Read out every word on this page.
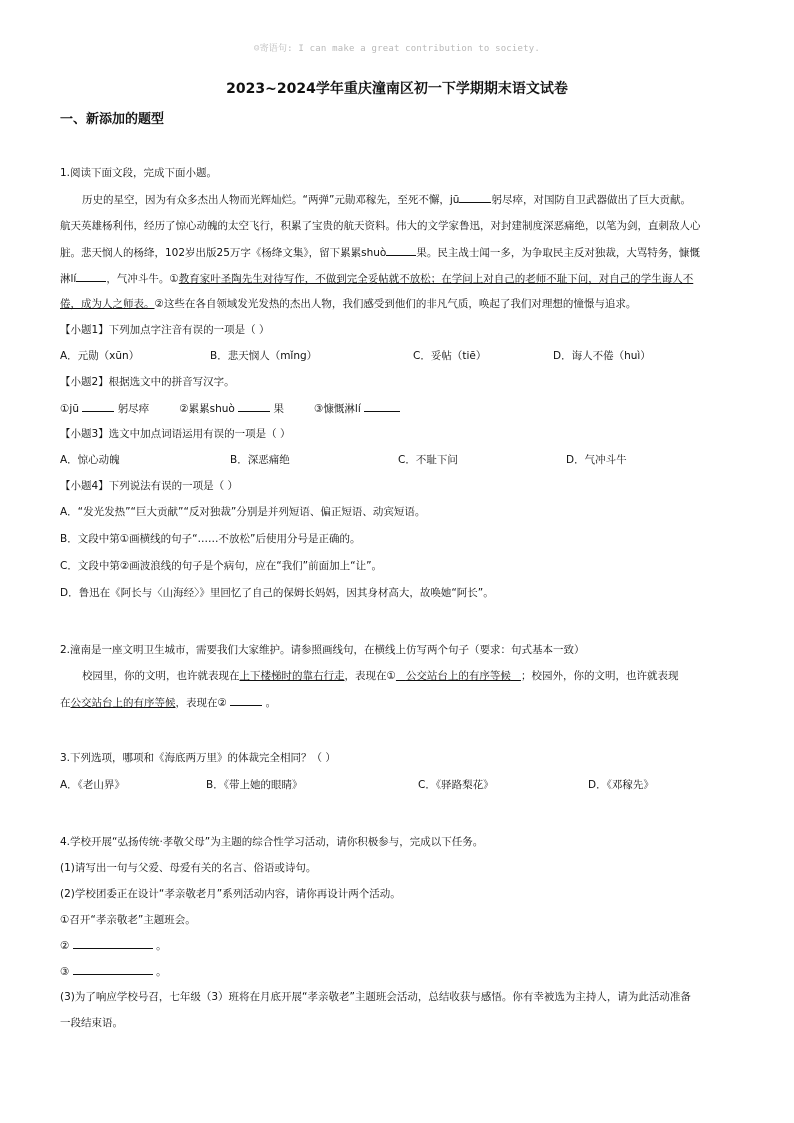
☺寄语句: I can make a great contribution to society.
2023~2024学年重庆潼南区初一下学期期末语文试卷
一、新添加的题型
1.阅读下面文段，完成下面小题。
历史的星空，因为有众多杰出人物而光辉灿烂。“两弹”元勋邓稼先，至死不懈，jū	躬尽瘁，对国防自卫武器做出了巨大贡献。
航天英雄杨利伟，经历了惊心动魄的太空飞行，积累了宝贵的航天资料。伟大的文学家鲁迅，对封建制度深恶痛绝，以笔为剑，直刺敌人心
脏。悲天悯人的杨绛，102岁出版25万字《杨绛文集》，留下累累shuò	果。民主战士闻一多，为争取民主反对独裁，大骂特务，慷慨
淋lí	，气冲斗牛。①教育家叶圣陶先生对待写作，不做到完全妥帖就不放松；在学问上对自己的老师不耻下问，对自己的学生诲人不
倦，成为人之师表。②这些在各自领域发光发热的杰出人物，我们感受到他们的非凡气质，唤起了我们对理想的憧憬与追求。
【小题1】下列加点字注音有误的一项是（ ）
A．元勋（xūn）	B．悲天悯人（mǐng）	C．妥帖（tiē）	D．诲人不倦（huì）
【小题2】根据选文中的拼音写汉字。
①jū	躬尽瘁	②累累shuò	果	③慷慨淋lí
【小题3】选文中加点词语运用有误的一项是（ ）
A．惊心动魄	B．深恶痛绝	C．不耻下问	D．气冲斗牛
【小题4】下列说法有误的一项是（ ）
A．“发光发热”“巨大贡献”“反对独裁”分别是并列短语、偏正短语、动宾短语。
B．文段中第①画横线的句子“……不放松”后使用分号是正确的。
C．文段中第②画波浪线的句子是个病句，应在“我们”前面加上“让”。
D．鲁迅在《阿长与〈山海经〉》里回忆了自己的保姆长妈妈，因其身材高大，故唤她“阿长”。
2.潼南是一座文明卫生城市，需要我们大家维护。请参照画线句，在横线上仿写两个句子（要求：句式基本一致）
校园里，你的文明，也许就表现在上下楼梯时的靠右行走，表现在① 公交站台上的有序等候 ；校园外，你的文明，也许就表现
在公交站台上的有序等候，表现在②	。
3.下列选项，哪项和《海底两万里》的体裁完全相同？（ ）
A．《老山界》	B．《带上她的眼睛》	C．《驿路梨花》	D．《邓稼先》
4.学校开展“弘扬传统·孝敬父母”为主题的综合性学习活动，请你积极参与，完成以下任务。
(1)请写出一句与父爱、母爱有关的名言、俗语或诗句。
(2)学校团委正在设计“孝亲敬老月”系列活动内容，请你再设计两个活动。
①召开“孝亲敬老”主题班会。
②	。
③	。
(3)为了响应学校号召，七年级（3）班将在月底开展“孝亲敬老”主题班会活动，总结收获与感悟。你有幸被选为主持人，请为此活动准备
一段结束语。
